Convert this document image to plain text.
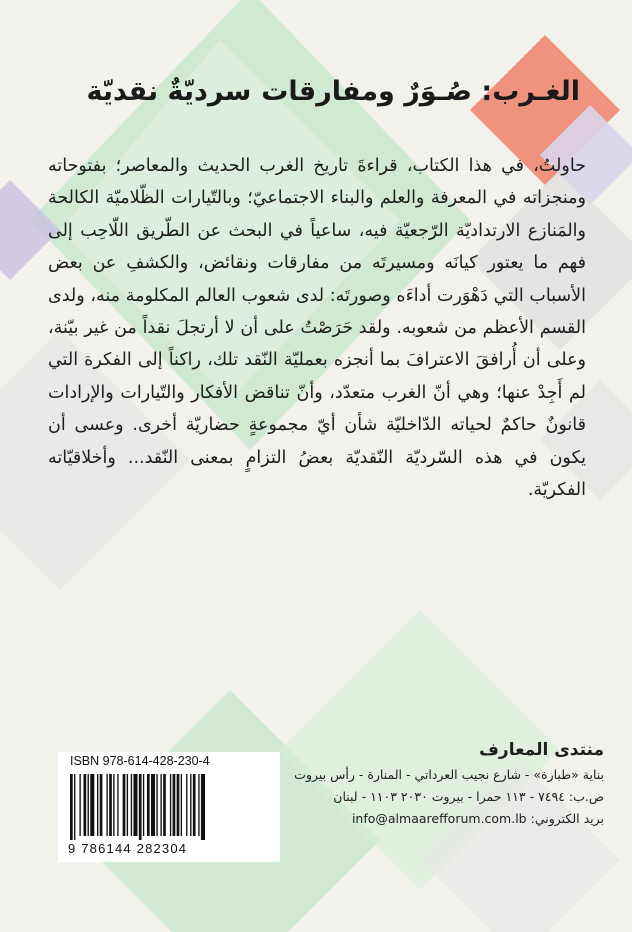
الغـرب: صُـوَرٌ ومفارقاتسرديّةٌ نقديّة

حاولتُ، في هذا الكتاب، قراءةَ تاريخ الغرب الحديث والمعاصر؛ بفتوحاته ومنجزاته في المعرفة والعلم والبناء الاجتماعيّ؛ وبالتّيارات الظّلاميّة الكالحة والمَنازع الارتداديّة الرّجعيّة فيه، ساعياً في البحث عن الطّريق اللّاحِب إلى فهم ما يعتور كيانَه ومسيرتَه من مفارقات ونقائض، والكشفِ عن بعض الأسباب التي دَهْوَرت أداءَه وصورتَه: لدى شعوب العالم المكلومة منه، ولدى القسم الأعظم من شعوبه. ولقد حَرَصْتُ على أن لا أرتجلَ نقداً من غير بيّنة، وعلى أن أُرافقَ الاعترافَ بما أنجزه بعمليّة النّقد تلك، راكناً إلى الفكرة التي لم أَجِدْ عنها؛ وهي أنّ الغرب متعدّد، وأنّ تناقض الأفكار والتّيارات والإرادات قانونٌ حاكمٌ لحياته الدّاخليّة شأن أيّ مجموعةٍ حضاريّة أخرى. وعسى أن يكون في هذه السّرديّة النّقديّة بعضُ التزامٍ بمعنى النّقد... وأخلاقيّاته الفكريّة.

ISBN 978-614-428-230-4
9 786144 282304
منتدى المعارف
بناية «طبارة» - شارع نجيب العرداتي - المنارة - رأس بيروت
ص.ب: ٧٤٩٤ - ١١٣ حمرا - بيروت ٢٠٣٠ ١١٠٣ - لبنان
بريد الكتروني: info@almaarefforum.com.lb
